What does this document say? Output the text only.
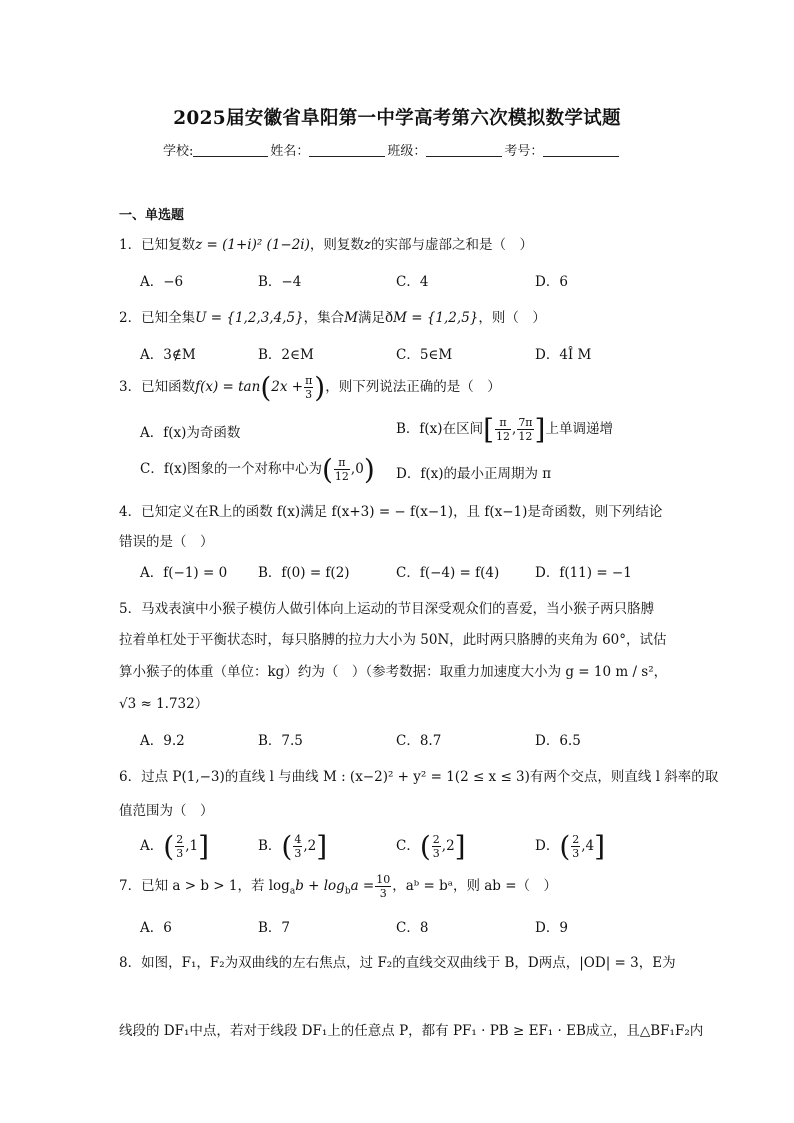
2025届安徽省阜阳第一中学高考第六次模拟数学试题
学校:	姓名：	班级：	考号：
一、单选题
1．已知复数z = (1+i)² (1−2i)，则复数z的实部与虚部之和是（　）
A．−6	B．−4	C．4	D．6
2．已知全集U = {1,2,3,4,5}，集合M满足ðM = {1,2,5}，则（　）
A．3∉M	B．2∈M	C．5∈M	D．4Î M
3．已知函数$f(x) = \tan(2x + \frac{\pi}{3}$ )，则下列说法正确的是（　）
A．f(x)为奇函数	B．f(x)在区间[ $\frac{\pi}{12}$ , $\frac{7\pi}{12}$ ]上单调递增
C．f(x)图象的一个对称中心为( $\frac{\pi}{12} ,0$) D．f(x)的最小正周期为 π
4．已知定义在R上的函数 f(x)满足 f(x+3) = − f(x−1)，且 f(x−1)是奇函数，则下列结论
错误的是（　）
A．f(−1) = 0 B．f(0) = f(2)	C．f(−4) = f(4)	D．f(11) = −1
5．马戏表演中小猴子模仿人做引体向上运动的节目深受观众们的喜爱，当小猴子两只胳膊
拉着单杠处于平衡状态时，每只胳膊的拉力大小为 50N，此时两只胳膊的夹角为 60°，试估
算小猴子的体重（单位：kg）约为（　）（参考数据：取重力加速度大小为 g = 10 m / s²，
√3 ≈ 1.732）
A．9.2	B．7.5	C．8.7	D．6.5
6．过点 P(1,−3)的直线 l 与曲线 M : (x−2)² + y² = 1(2 ≤ x ≤ 3)有两个交点，则直线 l 斜率的取
值范围为（　）
A．( $\frac{2}{3} ,1$]	B．( $\frac{4}{3} ,2$]	C．( $\frac{2}{3} ,2$]	D．( $\frac{2}{3} ,4$]
7．已知 a > b > 1，若 $\log_ab + \log_ba = \frac{10}{3}$ ，aᵇ = bᵃ，则 ab =（　）
A．6	B．7	C．8	D．9
8．如图，F₁，F₂为双曲线的左右焦点，过 F₂的直线交双曲线于 B，D两点，|OD| = 3，E为
线段的 DF₁中点，若对于线段 DF₁上的任意点 P，都有 PF₁ · PB ≥ EF₁ · EB成立，且△BF₁F₂内
